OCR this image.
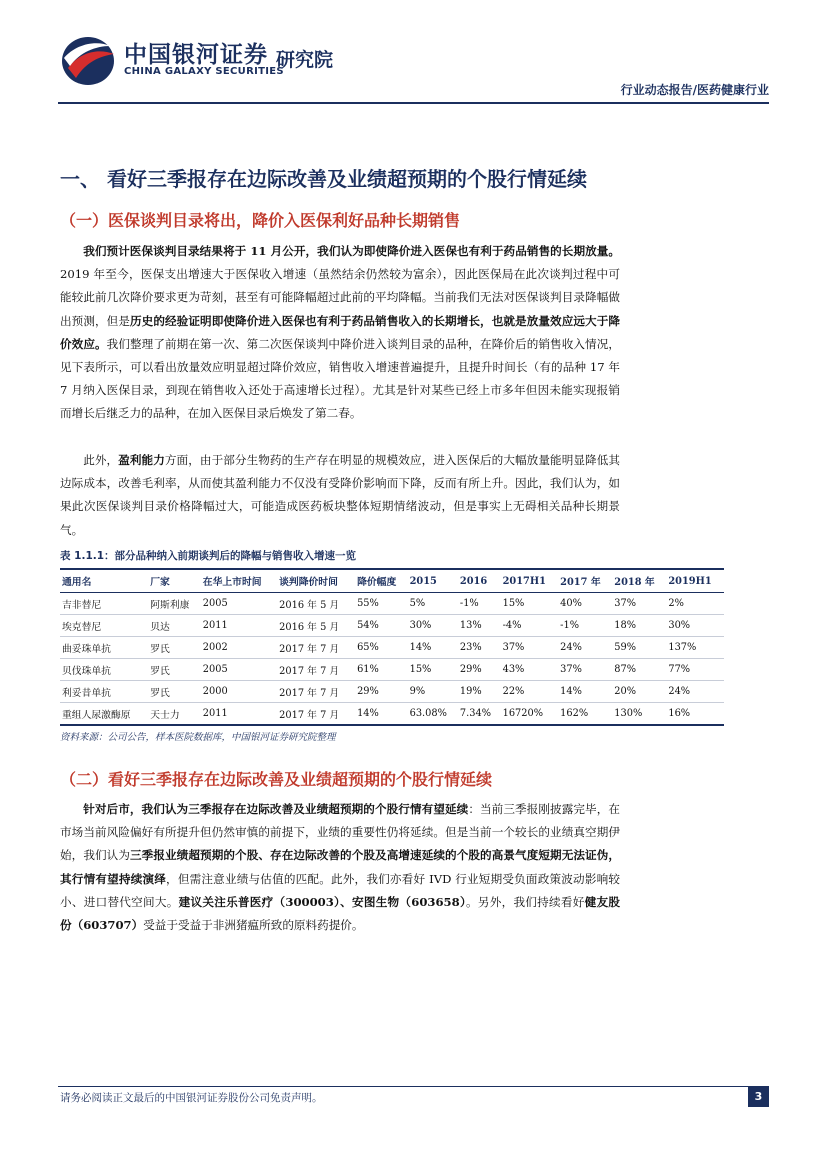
中国银河证券
CHINA GALAXY SECURITIES
研究院
行业动态报告/医药健康行业
一、 看好三季报存在边际改善及业绩超预期的个股行情延续
（一）医保谈判目录将出，降价入医保利好品种长期销售

我们预计医保谈判目录结果将于 11 月公开，我们认为即使降价进入医保也有利于药品销售的长期放量。2019 年至今，医保支出增速大于医保收入增速（虽然结余仍然较为富余），因此医保局在此次谈判过程中可能较此前几次降价要求更为苛刻，甚至有可能降幅超过此前的平均降幅。当前我们无法对医保谈判目录降幅做出预测，但是历史的经验证明即使降价进入医保也有利于药品销售收入的长期增长，也就是放量效应远大于降价效应。我们整理了前期在第一次、第二次医保谈判中降价进入谈判目录的品种，在降价后的销售收入情况，见下表所示，可以看出放量效应明显超过降价效应，销售收入增速普遍提升，且提升时间长（有的品种 17 年 7 月纳入医保目录，到现在销售收入还处于高速增长过程）。尤其是针对某些已经上市多年但因未能实现报销而增长后继乏力的品种，在加入医保目录后焕发了第二春。

此外，盈利能力方面，由于部分生物药的生产存在明显的规模效应，进入医保后的大幅放量能明显降低其边际成本，改善毛利率，从而使其盈利能力不仅没有受降价影响而下降，反而有所上升。因此，我们认为，如果此次医保谈判目录价格降幅过大，可能造成医药板块整体短期情绪波动，但是事实上无碍相关品种长期景气。

表 1.1.1：部分品种纳入前期谈判后的降幅与销售收入增速一览
通用名	厂家	在华上市时间	谈判降价时间	降价幅度	2015	2016	2017H1	2017 年	2018 年	2019H1
吉非替尼	阿斯利康	2005	2016 年 5 月	55%	5%	-1%	15%	40%	37%	2%
埃克替尼	贝达	2011	2016 年 5 月	54%	30%	13%	-4%	-1%	18%	30%
曲妥珠单抗	罗氏	2002	2017 年 7 月	65%	14%	23%	37%	24%	59%	137%
贝伐珠单抗	罗氏	2005	2017 年 7 月	61%	15%	29%	43%	37%	87%	77%
利妥昔单抗	罗氏	2000	2017 年 7 月	29%	9%	19%	22%	14%	20%	24%
重组人尿激酶原	天士力	2011	2017 年 7 月	14%	63.08%	7.34%	16720%	162%	130%	16%
资料来源：公司公告，样本医院数据库，中国银河证券研究院整理
（二）看好三季报存在边际改善及业绩超预期的个股行情延续

针对后市，我们认为三季报存在边际改善及业绩超预期的个股行情有望延续：当前三季报刚披露完毕，在市场当前风险偏好有所提升但仍然审慎的前提下，业绩的重要性仍将延续。但是当前一个较长的业绩真空期伊始，我们认为三季报业绩超预期的个股、存在边际改善的个股及高增速延续的个股的高景气度短期无法证伪，其行情有望持续演绎，但需注意业绩与估值的匹配。此外，我们亦看好 IVD 行业短期受负面政策波动影响较小、进口替代空间大。建议关注乐普医疗（300003）、安图生物（603658）。另外，我们持续看好健友股份（603707）受益于受益于非洲猪瘟所致的原料药提价。

请务必阅读正文最后的中国银河证券股份公司免责声明。	3
